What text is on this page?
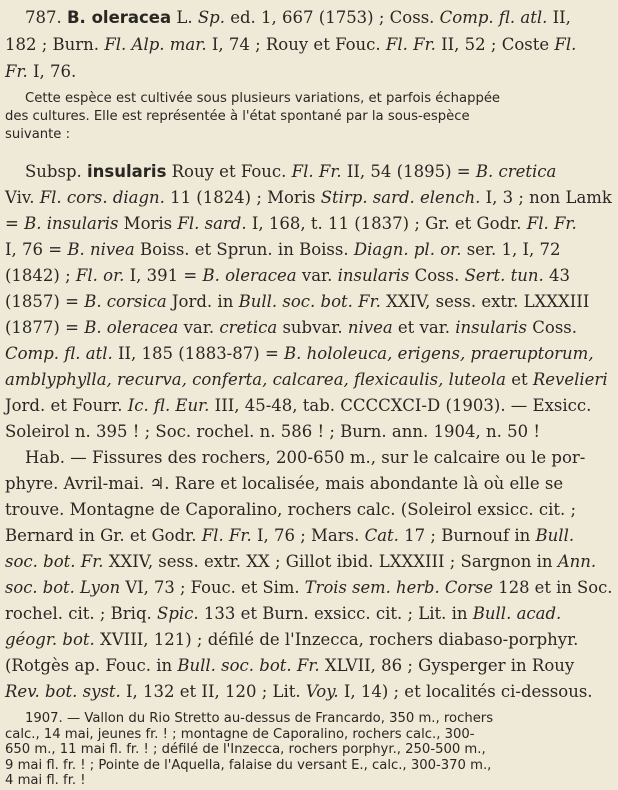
787. B. oleracea L. Sp. ed. 1, 667 (1753) ; Coss. Comp. fl. atl. II,
182 ; Burn. Fl. Alp. mar. I, 74 ; Rouy et Fouc. Fl. Fr. II, 52 ; Coste Fl.
Fr. I, 76.
Cette espèce est cultivée sous plusieurs variations, et parfois échappée
des cultures. Elle est représentée à l'état spontané par la sous-espèce
suivante :
Subsp. insularis Rouy et Fouc. Fl. Fr. II, 54 (1895) = B. cretica
Viv. Fl. cors. diagn. 11 (1824) ; Moris Stirp. sard. elench. I, 3 ; non Lamk
= B. insularis Moris Fl. sard. I, 168, t. 11 (1837) ; Gr. et Godr. Fl. Fr.
I, 76 = B. nivea Boiss. et Sprun. in Boiss. Diagn. pl. or. ser. 1, I, 72
(1842) ; Fl. or. I, 391 = B. oleracea var. insularis Coss. Sert. tun. 43
(1857) = B. corsica Jord. in Bull. soc. bot. Fr. XXIV, sess. extr. LXXXIII
(1877) = B. oleracea var. cretica subvar. nivea et var. insularis Coss.
Comp. fl. atl. II, 185 (1883-87) = B. hololeuca, erigens, praeruptorum,
amblyphylla, recurva, conferta, calcarea, flexicaulis, luteola et Revelieri
Jord. et Fourr. Ic. fl. Eur. III, 45-48, tab. CCCCXCI-D (1903). — Exsicc.
Soleirol n. 395 ! ; Soc. rochel. n. 586 ! ; Burn. ann. 1904, n. 50 !
Hab. — Fissures des rochers, 200-650 m., sur le calcaire ou le por-
phyre. Avril-mai. ♃. Rare et localisée, mais abondante là où elle se
trouve. Montagne de Caporalino, rochers calc. (Soleirol exsicc. cit. ;
Bernard in Gr. et Godr. Fl. Fr. I, 76 ; Mars. Cat. 17 ; Burnouf in Bull.
soc. bot. Fr. XXIV, sess. extr. XX ; Gillot ibid. LXXXIII ; Sargnon in Ann.
soc. bot. Lyon VI, 73 ; Fouc. et Sim. Trois sem. herb. Corse 128 et in Soc.
rochel. cit. ; Briq. Spic. 133 et Burn. exsicc. cit. ; Lit. in Bull. acad.
géogr. bot. XVIII, 121) ; défilé de l'Inzecca, rochers diabaso-porphyr.
(Rotgès ap. Fouc. in Bull. soc. bot. Fr. XLVII, 86 ; Gysperger in Rouy
Rev. bot. syst. I, 132 et II, 120 ; Lit. Voy. I, 14) ; et localités ci-dessous.
1907. — Vallon du Rio Stretto au-dessus de Francardo, 350 m., rochers
calc., 14 mai, jeunes fr. ! ; montagne de Caporalino, rochers calc., 300-
650 m., 11 mai fl. fr. ! ; défilé de l'Inzecca, rochers porphyr., 250-500 m.,
9 mai fl. fr. ! ; Pointe de l'Aquella, falaise du versant E., calc., 300-370 m.,
4 mai fl. fr. !
